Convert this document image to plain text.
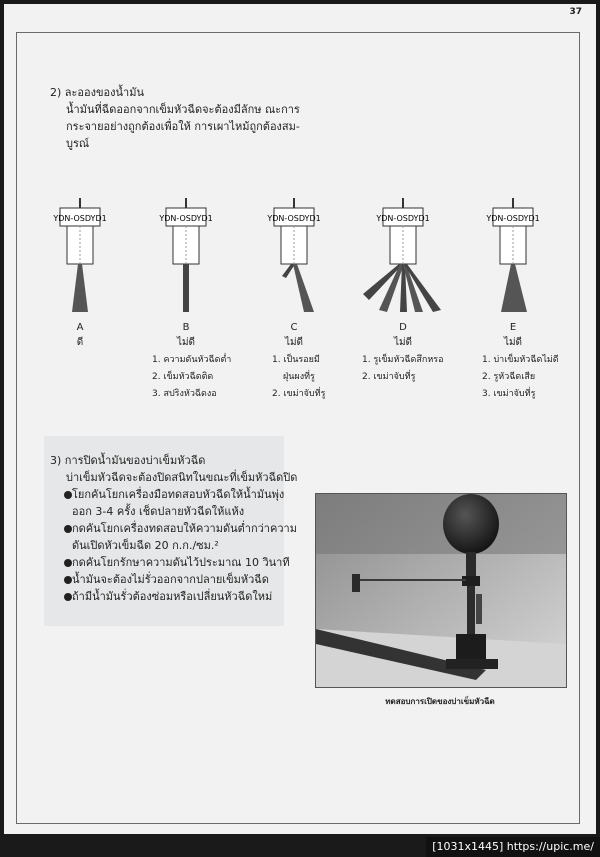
37
2) ละอองของน้ำมัน
น้ำมันที่ฉีดออกจากเข็มหัวฉีดจะต้องมีลักษ ณะการ
กระจายอย่างถูกต้องเพื่อให้ การเผาไหม้ถูกต้องสม-
บูรณ์
YDN-OSDYD1
A
ดี
YDN-OSDYD1
B
ไม่ดี
YDN-OSDYD1
C
ไม่ดี
YDN-OSDYD1
D
ไม่ดี
YDN-OSDYD1
E
ไม่ดี
1. ความดันหัวฉีดต่ำ
2. เข็มหัวฉีดติด
3. สปริงหัวฉีดงอ
1. เป็นรอยมี
ฝุ่นผงที่รู
2. เขม่าจับที่รู
1. รูเข็มหัวฉีดสึกหรอ
2. เขม่าจับที่รู
1. บ่าเข็มหัวฉีดไม่ดี
2. รูหัวฉีดเสีย
3. เขม่าจับที่รู
3) การปิดน้ำมันของบ่าเข็มหัวฉีด
บ่าเข็มหัวฉีดจะต้องปิดสนิทในขณะที่เข็มหัวฉีดปิด
โยกคันโยกเครื่องมือทดสอบหัวฉีดให้น้ำมันพุ่ง
ออก 3-4 ครั้ง เช็ดปลายหัวฉีดให้แห้ง
กดคันโยกเครื่องทดสอบให้ความดันต่ำกว่าความ
ดันเปิดหัวเข็มฉีด 20 ก.ก./ซม.²
กดคันโยกรักษาความดันไว้ประมาณ 10 วินาที
น้ำมันจะต้องไม่รั่วออกจากปลายเข็มหัวฉีด
ถ้ามีน้ำมันรั่วต้องซ่อมหรือเปลี่ยนหัวฉีดใหม่
ทดสอบการเปิดของบ่าเข็มหัวฉีด
[1031x1445] https://upic.me/
